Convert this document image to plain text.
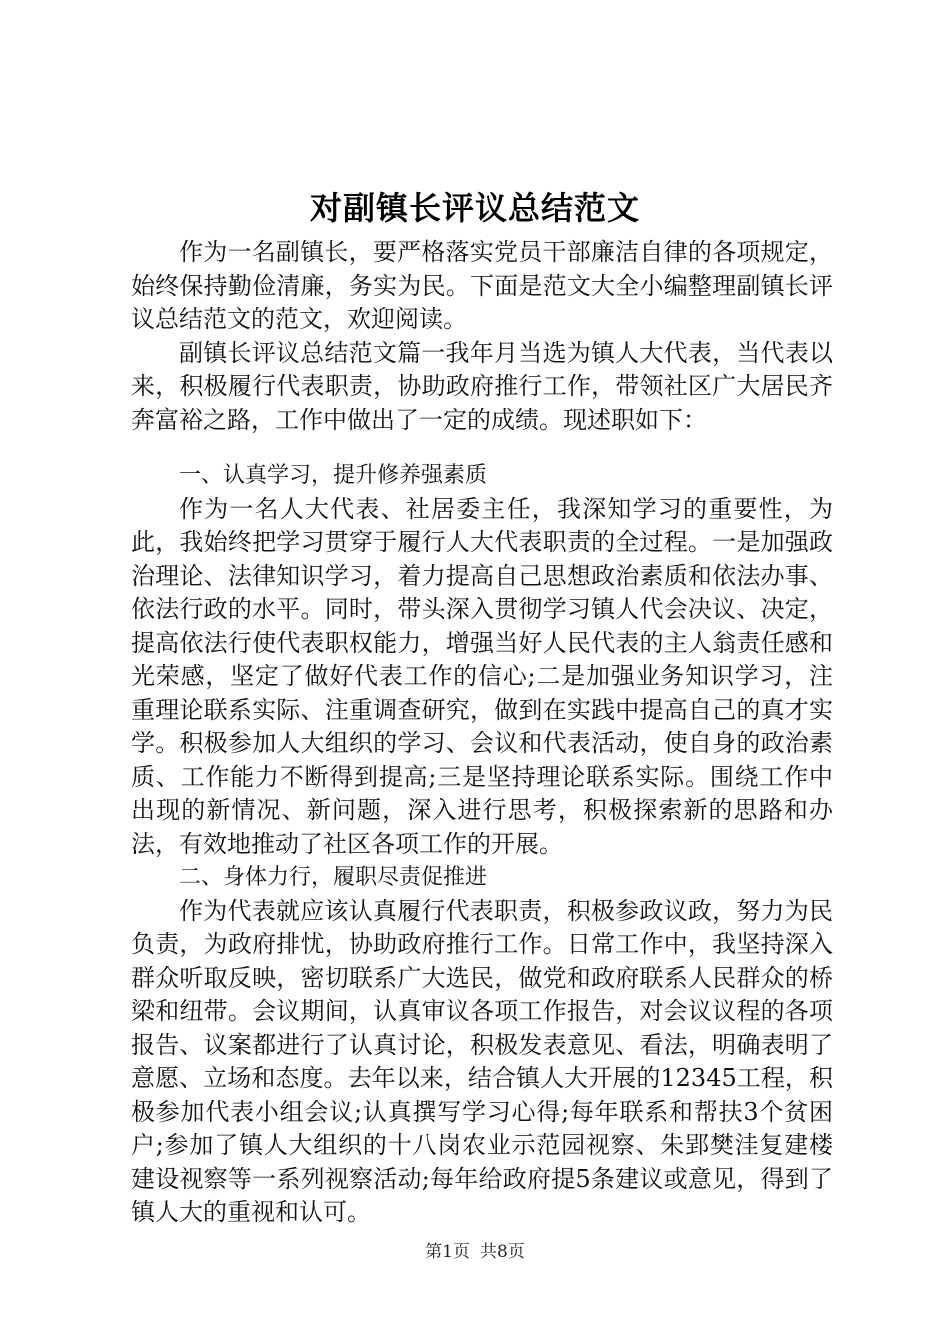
对副镇长评议总结范文

作为一名副镇长，要严格落实党员干部廉洁自律的各项规定，始终保持勤俭清廉，务实为民。下面是范文大全小编整理副镇长评议总结范文的范文，欢迎阅读。

副镇长评议总结范文篇一我年月当选为镇人大代表，当代表以来，积极履行代表职责，协助政府推行工作，带领社区广大居民齐奔富裕之路，工作中做出了一定的成绩。现述职如下：

一、认真学习，提升修养强素质

作为一名人大代表、社居委主任，我深知学习的重要性，为此，我始终把学习贯穿于履行人大代表职责的全过程。一是加强政治理论、法律知识学习，着力提高自己思想政治素质和依法办事、依法行政的水平。同时，带头深入贯彻学习镇人代会决议、决定，提高依法行使代表职权能力，增强当好人民代表的主人翁责任感和光荣感，坚定了做好代表工作的信心;二是加强业务知识学习，注重理论联系实际、注重调查研究，做到在实践中提高自己的真才实学。积极参加人大组织的学习、会议和代表活动，使自身的政治素质、工作能力不断得到提高;三是坚持理论联系实际。围绕工作中出现的新情况、新问题，深入进行思考，积极探索新的思路和办法，有效地推动了社区各项工作的开展。

二、身体力行，履职尽责促推进

作为代表就应该认真履行代表职责，积极参政议政，努力为民负责，为政府排忧，协助政府推行工作。日常工作中，我坚持深入群众听取反映，密切联系广大选民，做党和政府联系人民群众的桥梁和纽带。会议期间，认真审议各项工作报告，对会议议程的各项报告、议案都进行了认真讨论，积极发表意见、看法，明确表明了意愿、立场和态度。去年以来，结合镇人大开展的12345工程，积极参加代表小组会议;认真撰写学习心得;每年联系和帮扶3个贫困户;参加了镇人大组织的十八岗农业示范园视察、朱郢樊洼复建楼建设视察等一系列视察活动;每年给政府提5条建议或意见，得到了镇人大的重视和认可。

第1页 共8页
